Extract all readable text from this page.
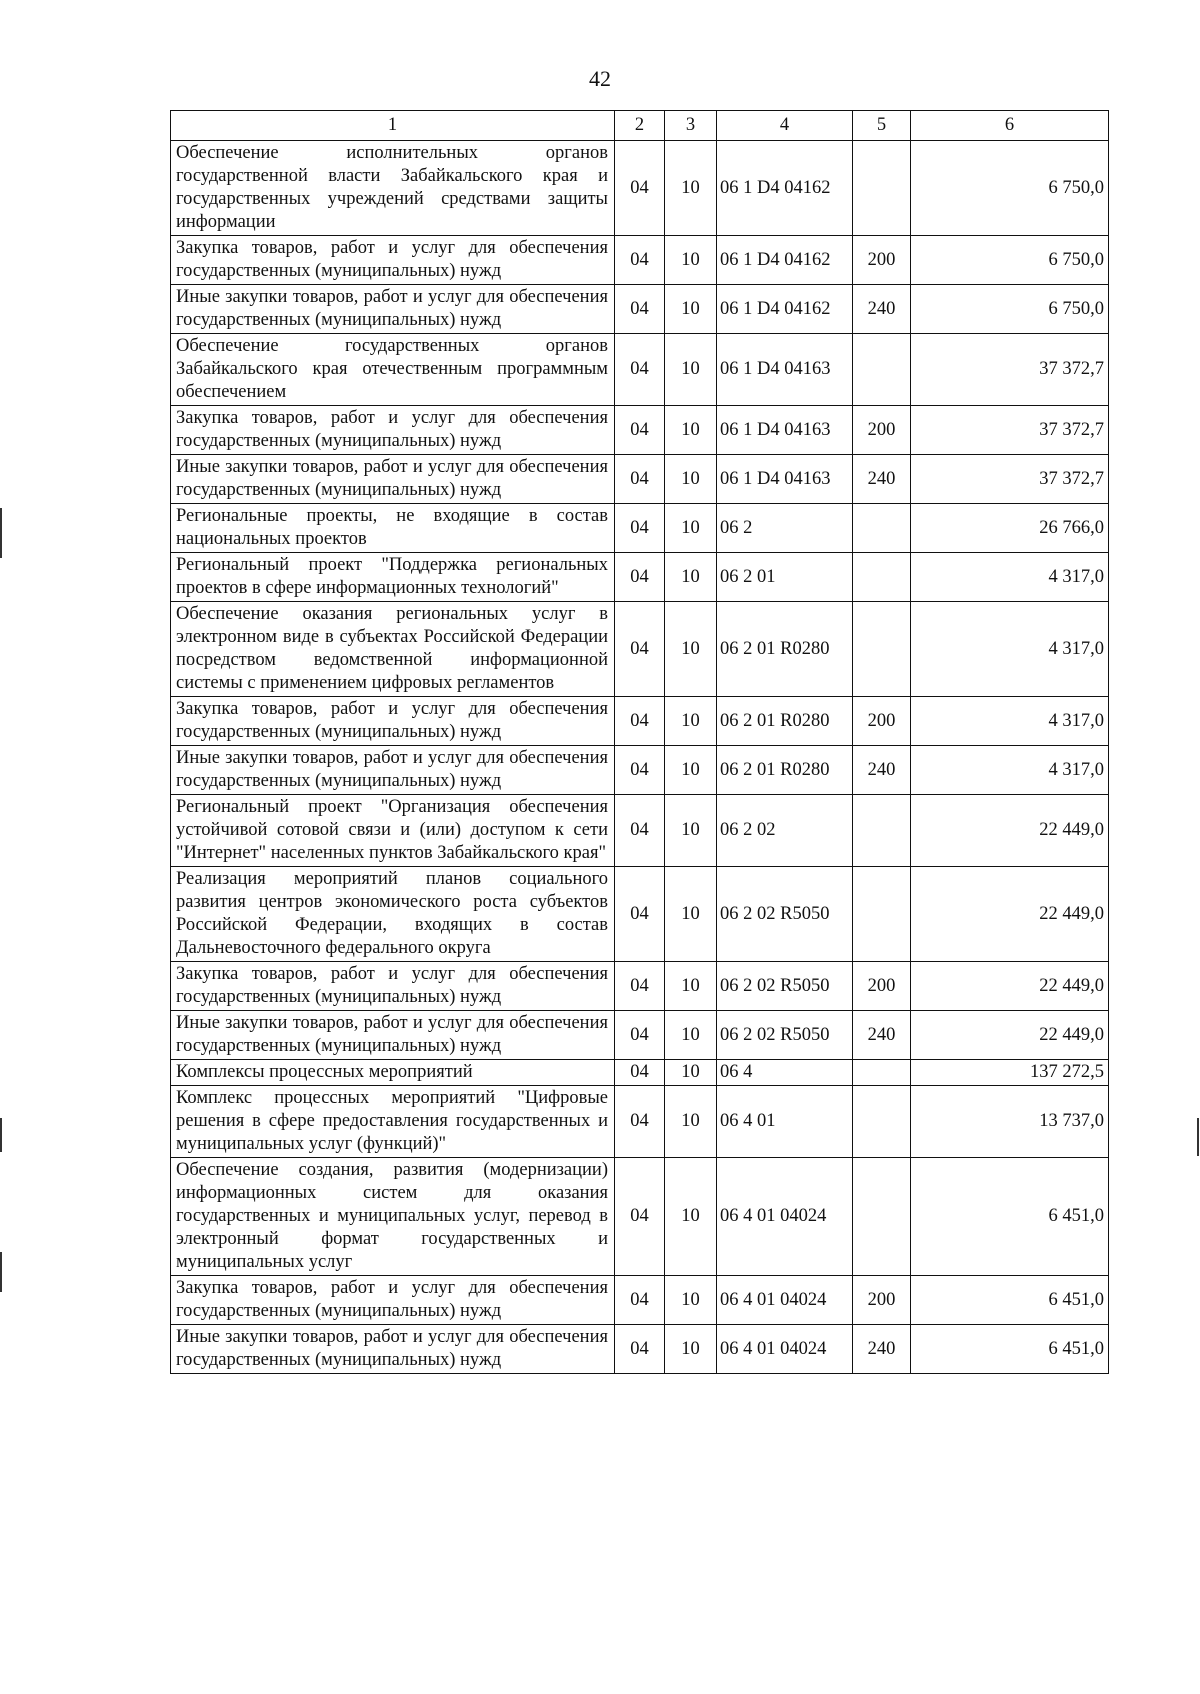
42
1	2	3	4	5	6
Обеспечение исполнительных органов государственной власти Забайкальского края и государственных учреждений средствами защиты информации	04	10	06 1 D4 04162		6 750,0
Закупка товаров, работ и услуг для обеспечения государственных (муниципальных) нужд	04	10	06 1 D4 04162	200	6 750,0
Иные закупки товаров, работ и услуг для обеспечения государственных (муниципальных) нужд	04	10	06 1 D4 04162	240	6 750,0
Обеспечение государственных органов Забайкальского края отечественным программным обеспечением	04	10	06 1 D4 04163		37 372,7
Закупка товаров, работ и услуг для обеспечения государственных (муниципальных) нужд	04	10	06 1 D4 04163	200	37 372,7
Иные закупки товаров, работ и услуг для обеспечения государственных (муниципальных) нужд	04	10	06 1 D4 04163	240	37 372,7
Региональные проекты, не входящие в состав национальных проектов	04	10	06 2		26 766,0
Региональный проект "Поддержка региональных проектов в сфере информационных технологий"	04	10	06 2 01		4 317,0
Обеспечение оказания региональных услуг в электронном виде в субъектах Российской Федерации посредством ведомственной информационной системы с применением цифровых регламентов	04	10	06 2 01 R0280		4 317,0
Закупка товаров, работ и услуг для обеспечения государственных (муниципальных) нужд	04	10	06 2 01 R0280	200	4 317,0
Иные закупки товаров, работ и услуг для обеспечения государственных (муниципальных) нужд	04	10	06 2 01 R0280	240	4 317,0
Региональный проект "Организация обеспечения устойчивой сотовой связи и (или) доступом к сети "Интернет" населенных пунктов Забайкальского края"	04	10	06 2 02		22 449,0
Реализация мероприятий планов социального развития центров экономического роста субъектов Российской Федерации, входящих в состав Дальневосточного федерального округа	04	10	06 2 02 R5050		22 449,0
Закупка товаров, работ и услуг для обеспечения государственных (муниципальных) нужд	04	10	06 2 02 R5050	200	22 449,0
Иные закупки товаров, работ и услуг для обеспечения государственных (муниципальных) нужд	04	10	06 2 02 R5050	240	22 449,0
Комплексы процессных мероприятий	04	10	06 4		137 272,5
Комплекс процессных мероприятий "Цифровые решения в сфере предоставления государственных и муниципальных услуг (функций)"	04	10	06 4 01		13 737,0
Обеспечение создания, развития (модернизации) информационных систем для оказания государственных и муниципальных услуг, перевод в электронный формат государственных и муниципальных услуг	04	10	06 4 01 04024		6 451,0
Закупка товаров, работ и услуг для обеспечения государственных (муниципальных) нужд	04	10	06 4 01 04024	200	6 451,0
Иные закупки товаров, работ и услуг для обеспечения государственных (муниципальных) нужд	04	10	06 4 01 04024	240	6 451,0
